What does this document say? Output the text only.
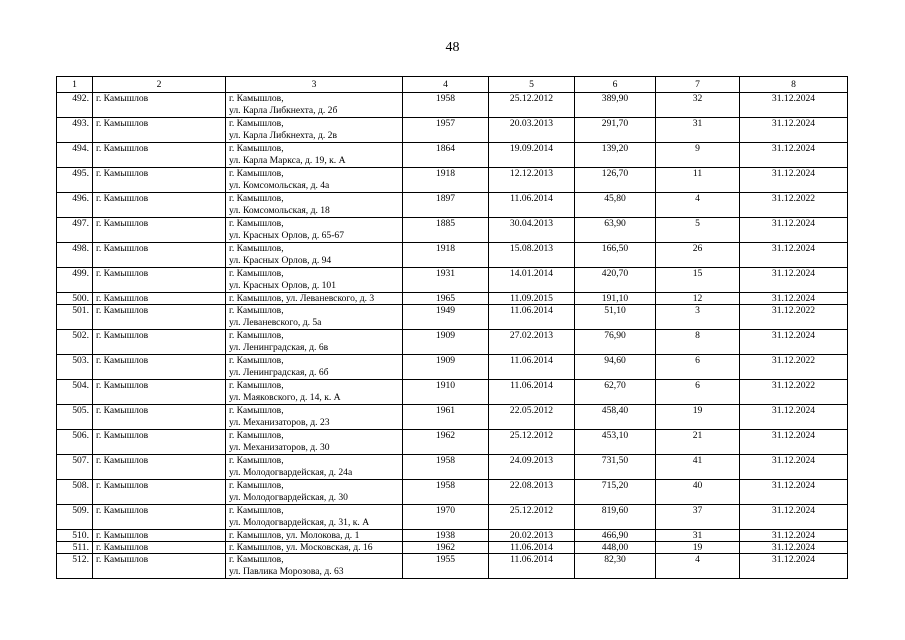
48
1	2	3	4	5	6	7	8
492.	г. Камышлов	г. Камышлов,
ул. Карла Либкнехта, д. 2б	1958	25.12.2012	389,90	32	31.12.2024
493.	г. Камышлов	г. Камышлов,
ул. Карла Либкнехта, д. 2в	1957	20.03.2013	291,70	31	31.12.2024
494.	г. Камышлов	г. Камышлов,
ул. Карла Маркса, д. 19, к. А	1864	19.09.2014	139,20	9	31.12.2024
495.	г. Камышлов	г. Камышлов,
ул. Комсомольская, д. 4а	1918	12.12.2013	126,70	11	31.12.2024
496.	г. Камышлов	г. Камышлов,
ул. Комсомольская, д. 18	1897	11.06.2014	45,80	4	31.12.2022
497.	г. Камышлов	г. Камышлов,
ул. Красных Орлов, д. 65-67	1885	30.04.2013	63,90	5	31.12.2024
498.	г. Камышлов	г. Камышлов,
ул. Красных Орлов, д. 94	1918	15.08.2013	166,50	26	31.12.2024
499.	г. Камышлов	г. Камышлов,
ул. Красных Орлов, д. 101	1931	14.01.2014	420,70	15	31.12.2024
500.	г. Камышлов	г. Камышлов, ул. Леваневского, д. 3	1965	11.09.2015	191,10	12	31.12.2024
501.	г. Камышлов	г. Камышлов,
ул. Леваневского, д. 5а	1949	11.06.2014	51,10	3	31.12.2022
502.	г. Камышлов	г. Камышлов,
ул. Ленинградская, д. 6в	1909	27.02.2013	76,90	8	31.12.2024
503.	г. Камышлов	г. Камышлов,
ул. Ленинградская, д. 6б	1909	11.06.2014	94,60	6	31.12.2022
504.	г. Камышлов	г. Камышлов,
ул. Маяковского, д. 14, к. А	1910	11.06.2014	62,70	6	31.12.2022
505.	г. Камышлов	г. Камышлов,
ул. Механизаторов, д. 23	1961	22.05.2012	458,40	19	31.12.2024
506.	г. Камышлов	г. Камышлов,
ул. Механизаторов, д. 30	1962	25.12.2012	453,10	21	31.12.2024
507.	г. Камышлов	г. Камышлов,
ул. Молодогвардейская, д. 24а	1958	24.09.2013	731,50	41	31.12.2024
508.	г. Камышлов	г. Камышлов,
ул. Молодогвардейская, д. 30	1958	22.08.2013	715,20	40	31.12.2024
509.	г. Камышлов	г. Камышлов,
ул. Молодогвардейская, д. 31, к. А	1970	25.12.2012	819,60	37	31.12.2024
510.	г. Камышлов	г. Камышлов, ул. Молокова, д. 1	1938	20.02.2013	466,90	31	31.12.2024
511.	г. Камышлов	г. Камышлов, ул. Московская, д. 16	1962	11.06.2014	448,00	19	31.12.2024
512.	г. Камышлов	г. Камышлов,
ул. Павлика Морозова, д. 63	1955	11.06.2014	82,30	4	31.12.2024
